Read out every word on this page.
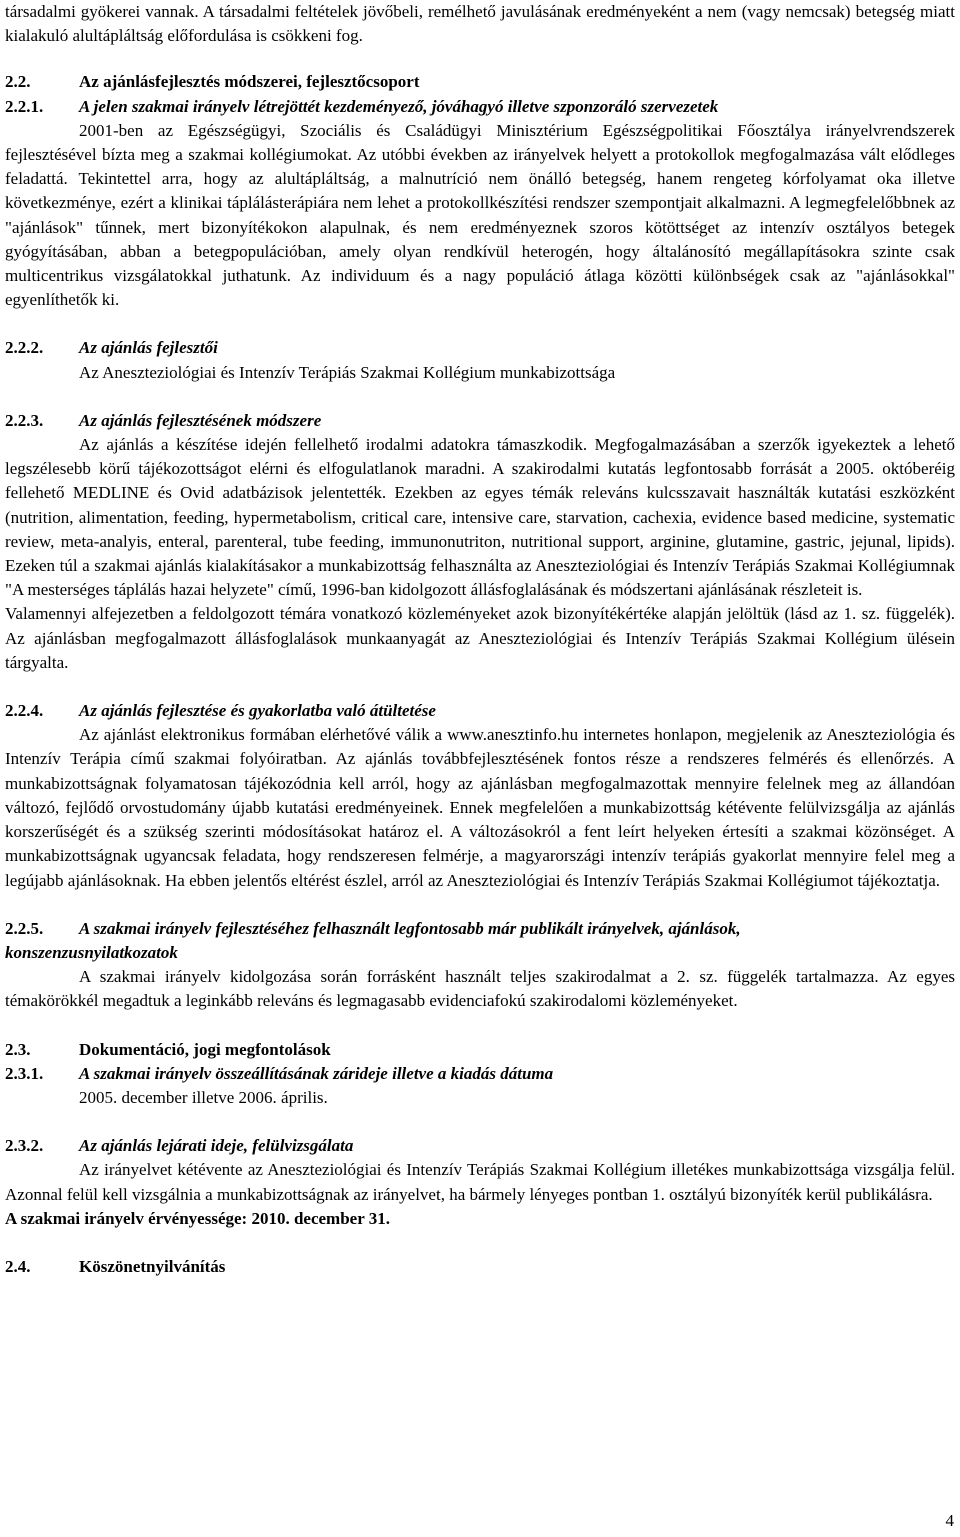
társadalmi gyökerei vannak. A társadalmi feltételek jövőbeli, remélhető javulásának eredményeként a nem (vagy nemcsak) betegség miatt kialakuló alultápláltság előfordulása is csökkeni fog.

2.2.	Az ajánlásfejlesztés módszerei, fejlesztőcsoport

2.2.1. A jelen szakmai irányelv létrejöttét kezdeményező, jóváhagyó illetve szponzoráló szervezetek

2001-ben az Egészségügyi, Szociális és Családügyi Minisztérium Egészségpolitikai Főosztálya irányelvrendszerek fejlesztésével bízta meg a szakmai kollégiumokat. Az utóbbi években az irányelvek helyett a protokollok megfogalmazása vált elődleges feladattá. Tekintettel arra, hogy az alultápláltság, a malnutríció nem önálló betegség, hanem rengeteg kórfolyamat oka illetve következménye, ezért a klinikai táplálásterápiára nem lehet a protokollkészítési rendszer szempontjait alkalmazni. A legmegfelelőbbnek az "ajánlások" tűnnek, mert bizonyítékokon alapulnak, és nem eredményeznek szoros kötöttséget az intenzív osztályos betegek gyógyításában, abban a betegpopulációban, amely olyan rendkívül heterogén, hogy általánosító megállapításokra szinte csak multicentrikus vizsgálatokkal juthatunk. Az individuum és a nagy populáció átlaga közötti különbségek csak az "ajánlásokkal" egyenlíthetők ki.

2.2.2.	Az ajánlás fejlesztői

Az Aneszteziológiai és Intenzív Terápiás Szakmai Kollégium munkabizottsága

2.2.3.	Az ajánlás fejlesztésének módszere

Az ajánlás a készítése idején fellelhető irodalmi adatokra támaszkodik. Megfogalmazásában a szerzők igyekeztek a lehető legszélesebb körű tájékozottságot elérni és elfogulatlanok maradni. A szakirodalmi kutatás legfontosabb forrását a 2005. októberéig fellehető MEDLINE és Ovid adatbázisok jelentették. Ezekben az egyes témák releváns kulcsszavait használták kutatási eszközként (nutrition, alimentation, feeding, hypermetabolism, critical care, intensive care, starvation, cachexia, evidence based medicine, systematic review, meta-analyis, enteral, parenteral, tube feeding, immunonutriton, nutritional support, arginine, glutamine, gastric, jejunal, lipids). Ezeken túl a szakmai ajánlás kialakításakor a munkabizottság felhasználta az Aneszteziológiai és Intenzív Terápiás Szakmai Kollégiumnak "A mesterséges táplálás hazai helyzete" című, 1996-ban kidolgozott állásfoglalásának és módszertani ajánlásának részleteit is.

Valamennyi alfejezetben a feldolgozott témára vonatkozó közleményeket azok bizonyítékértéke alapján jelöltük (lásd az 1. sz. függelék). Az ajánlásban megfogalmazott állásfoglalások munkaanyagát az Aneszteziológiai és Intenzív Terápiás Szakmai Kollégium ülésein tárgyalta.

2.2.4.	Az ajánlás fejlesztése és gyakorlatba való átültetése

Az ajánlást elektronikus formában elérhetővé válik a www.anesztinfo.hu internetes honlapon, megjelenik az Aneszteziológia és Intenzív Terápia című szakmai folyóiratban. Az ajánlás továbbfejlesztésének fontos része a rendszeres felmérés és ellenőrzés. A munkabizottságnak folyamatosan tájékozódnia kell arról, hogy az ajánlásban megfogalmazottak mennyire felelnek meg az állandóan változó, fejlődő orvostudomány újabb kutatási eredményeinek. Ennek megfelelően a munkabizottság kétévente felülvizsgálja az ajánlás korszerűségét és a szükség szerinti módosításokat határoz el. A változásokról a fent leírt helyeken értesíti a szakmai közönséget. A munkabizottságnak ugyancsak feladata, hogy rendszeresen felmérje, a magyarországi intenzív terápiás gyakorlat mennyire felel meg a legújabb ajánlásoknak. Ha ebben jelentős eltérést észlel, arról az Aneszteziológiai és Intenzív Terápiás Szakmai Kollégiumot tájékoztatja.

2.2.5.	A szakmai irányelv fejlesztéséhez felhasznált legfontosabb már publikált irányelvek, ajánlások,

konszenzusnyilatkozatok

A szakmai irányelv kidolgozása során forrásként használt teljes szakirodalmat a 2. sz. függelék tartalmazza. Az egyes témakörökkél megadtuk a leginkább releváns és legmagasabb evidenciafokú szakirodalomi közleményeket.

2.3.	Dokumentáció, jogi megfontolások
2.3.1.	A szakmai irányelv összeállításának zárideje illetve a kiadás dátuma

2005. december illetve 2006. április.

2.3.2.	Az ajánlás lejárati ideje, felülvizsgálata

Az irányelvet kétévente az Aneszteziológiai és Intenzív Terápiás Szakmai Kollégium illetékes munkabizottsága vizsgálja felül. Azonnal felül kell vizsgálnia a munkabizottságnak az irányelvet, ha bármely lényeges pontban 1. osztályú bizonyíték kerül publikálásra.

A szakmai irányelv érvényessége: 2010. december 31.

2.4.	Köszönetnyilvánítás
4
